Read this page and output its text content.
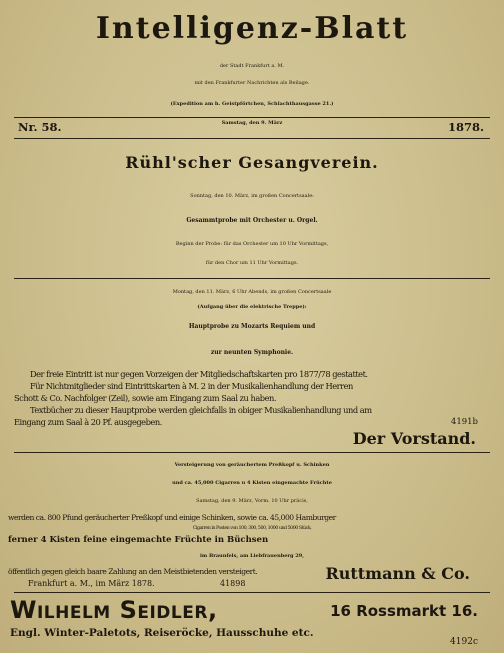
Intelligenz-Blatt
der Stadt Frankfurt a. M.
mit den Frankfurter Nachrichten als Beilage.
(Expedition am h. Geistpförtchen, Schlachthausgasse 21.)
Nr. 58.	Samstag, den 9. März	1878.
Rühl'scher Gesangverein.
Sonntag, den 10. März, im großen Concertsaale:
Gesammtprobe mit Orchester u. Orgel.
Beginn der Probe: für das Orchester um 10 Uhr Vormittags,
für den Chor um 11 Uhr Vormittags.
Montag, den 11. März, 6 Uhr Abends, im großen Concertsaale
(Aufgang über die elektrische Treppe):
Hauptprobe zu Mozarts Requiem und
zur neunten Symphonie.
Der freie Eintritt ist nur gegen Vorzeigen der Mitgliedschaftskarten pro 1877/78 gestattet.
Für Nichtmitglieder sind Eintrittskarten à M. 2 in der Musikalienhandlung der Herren
Schott & Co. Nachfolger (Zeil), sowie am Eingang zum Saal zu haben.
Textbücher zu dieser Hauptprobe werden gleichfalls in obiger Musikalienhandlung und am
Eingang zum Saal à 20 Pf. ausgegeben.	4191b
Der Vorstand.
Versteigerung von geräuchertem Preßkopf u. Schinken
und ca. 45,000 Cigarren u 4 Kisten eingemachte Früchte
Samstag, den 9. März, Vorm. 10 Uhr präcis,
werden ca. 800 Pfund geräucherter Preßkopf und einige Schinken, sowie ca. 45,000 Hamburger
Cigarren in Posten von 100, 300, 500, 1000 und 5000 Stück,
ferner 4 Kisten feine eingemachte Früchte in Büchsen
im Braunfels, am Liebfrauenberg 29,
öffentlich gegen gleich baare Zahlung an den Meistbietenden versteigert.
Frankfurt a. M., im März 1878.	41898
Ruttmann & Co.
Wilhelm Seidler,	16 Rossmarkt 16.
Engl. Winter-Paletots, Reiseröcke, Hausschuhe etc.
4192c
